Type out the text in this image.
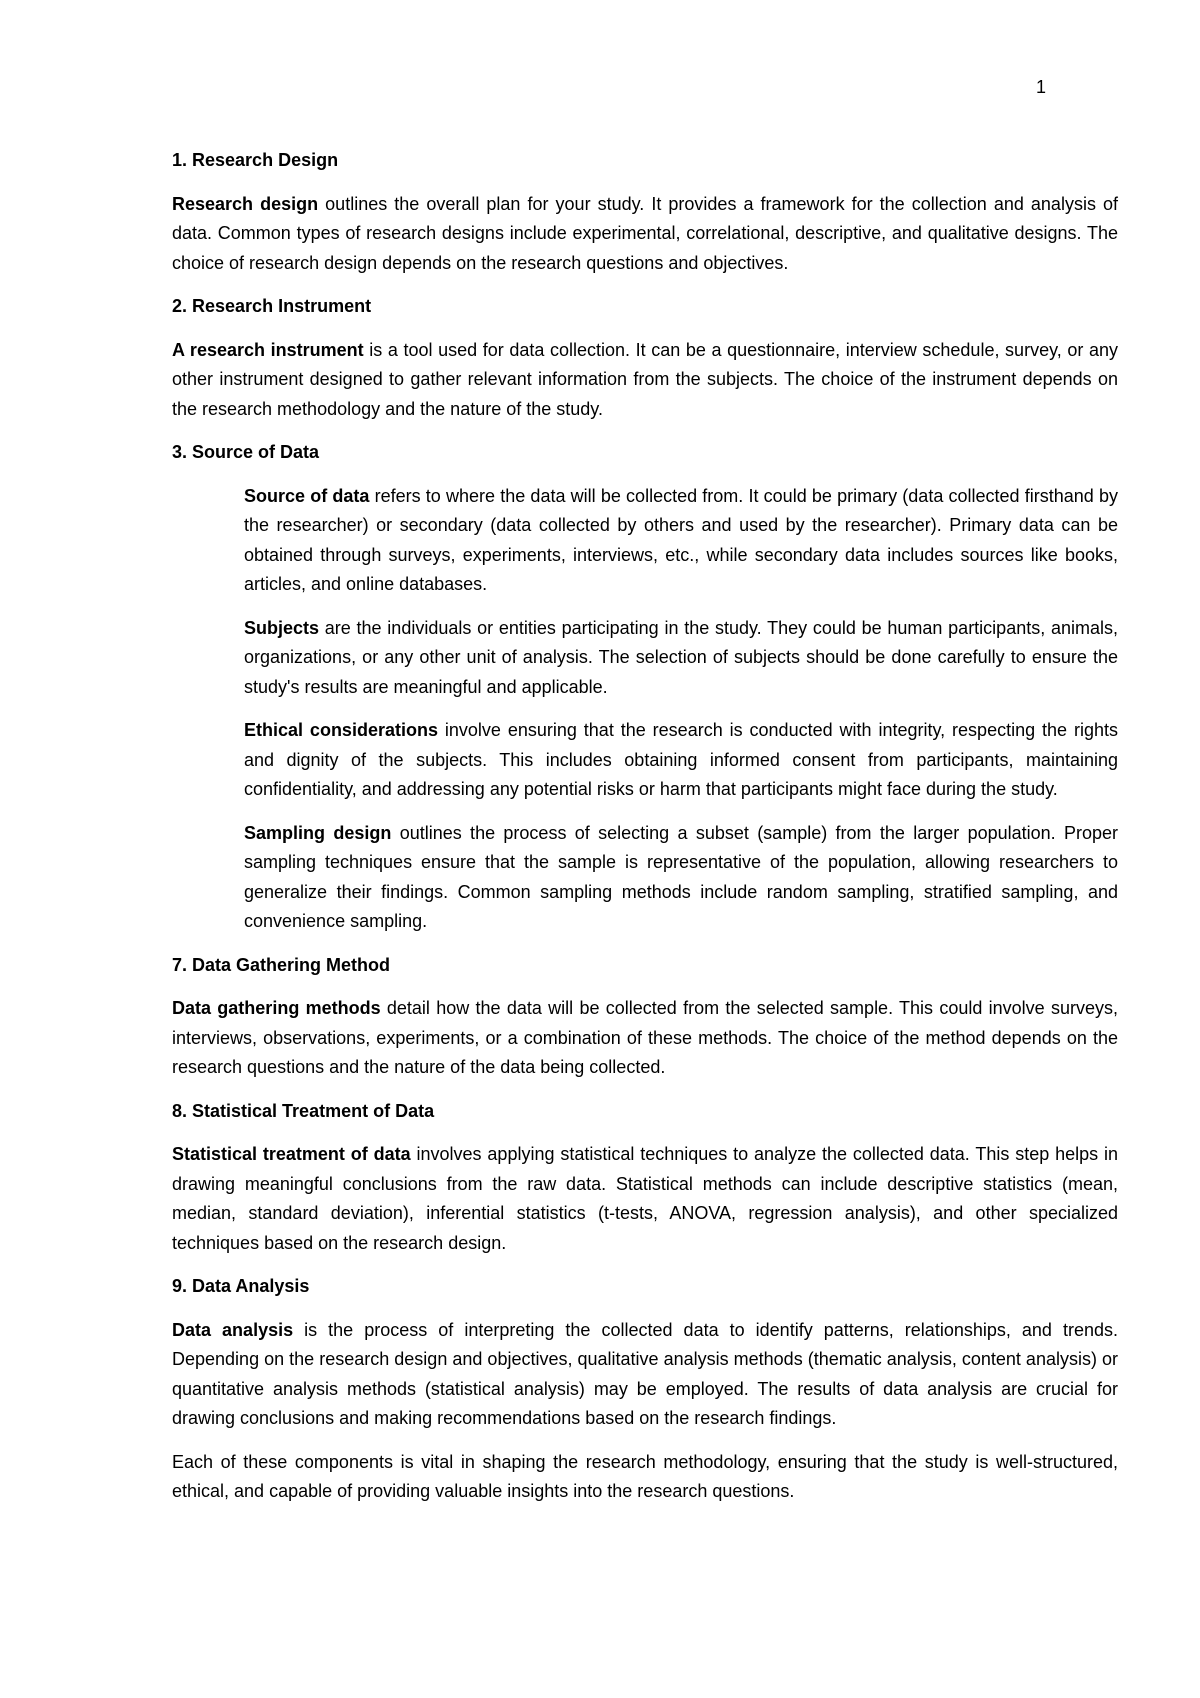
1
1. Research Design

Research design outlines the overall plan for your study. It provides a framework for the collection and analysis of data. Common types of research designs include experimental, correlational, descriptive, and qualitative designs. The choice of research design depends on the research questions and objectives.

2. Research Instrument

A research instrument is a tool used for data collection. It can be a questionnaire, interview schedule, survey, or any other instrument designed to gather relevant information from the subjects. The choice of the instrument depends on the research methodology and the nature of the study.

3. Source of Data

Source of data refers to where the data will be collected from. It could be primary (data collected firsthand by the researcher) or secondary (data collected by others and used by the researcher). Primary data can be obtained through surveys, experiments, interviews, etc., while secondary data includes sources like books, articles, and online databases.

Subjects are the individuals or entities participating in the study. They could be human participants, animals, organizations, or any other unit of analysis. The selection of subjects should be done carefully to ensure the study's results are meaningful and applicable.

Ethical considerations involve ensuring that the research is conducted with integrity, respecting the rights and dignity of the subjects. This includes obtaining informed consent from participants, maintaining confidentiality, and addressing any potential risks or harm that participants might face during the study.

Sampling design outlines the process of selecting a subset (sample) from the larger population. Proper sampling techniques ensure that the sample is representative of the population, allowing researchers to generalize their findings. Common sampling methods include random sampling, stratified sampling, and convenience sampling.

7. Data Gathering Method

Data gathering methods detail how the data will be collected from the selected sample. This could involve surveys, interviews, observations, experiments, or a combination of these methods. The choice of the method depends on the research questions and the nature of the data being collected.

8. Statistical Treatment of Data

Statistical treatment of data involves applying statistical techniques to analyze the collected data. This step helps in drawing meaningful conclusions from the raw data. Statistical methods can include descriptive statistics (mean, median, standard deviation), inferential statistics (t-tests, ANOVA, regression analysis), and other specialized techniques based on the research design.

9. Data Analysis

Data analysis is the process of interpreting the collected data to identify patterns, relationships, and trends. Depending on the research design and objectives, qualitative analysis methods (thematic analysis, content analysis) or quantitative analysis methods (statistical analysis) may be employed. The results of data analysis are crucial for drawing conclusions and making recommendations based on the research findings.

Each of these components is vital in shaping the research methodology, ensuring that the study is well-structured, ethical, and capable of providing valuable insights into the research questions.
